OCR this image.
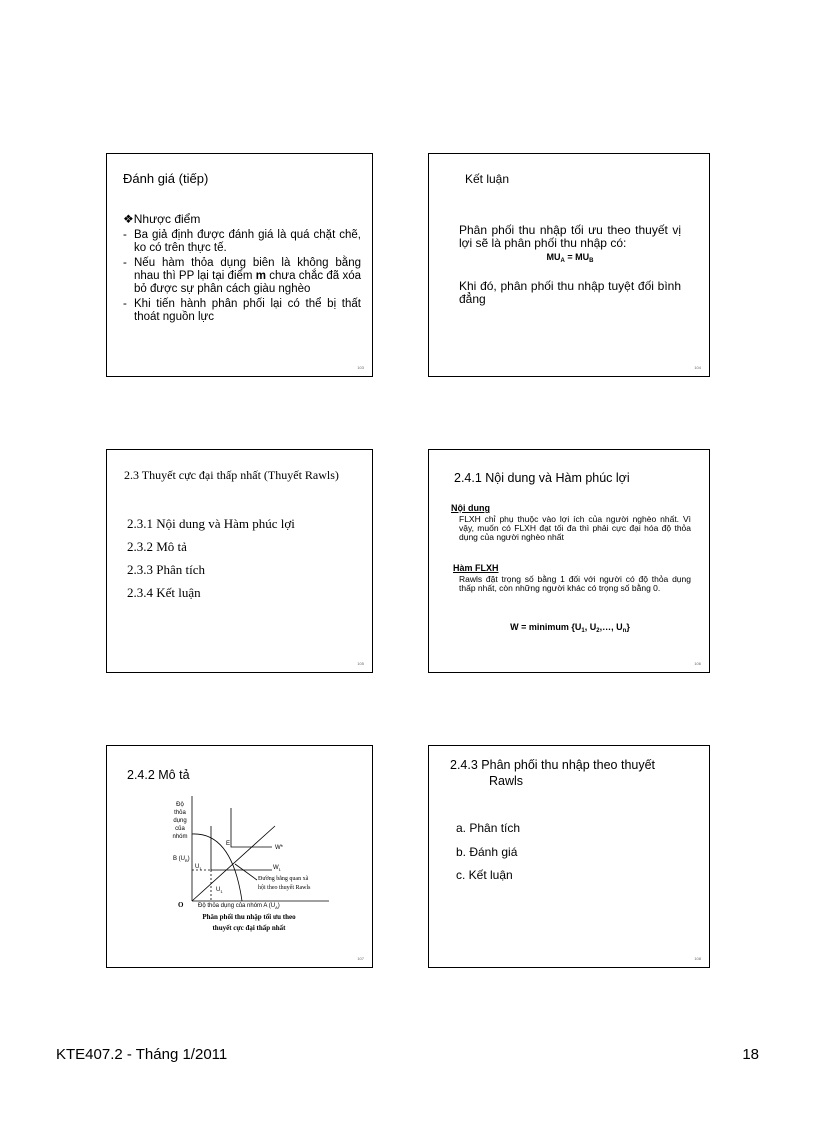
Đánh giá (tiếp)
❖Nhược điểm
- Ba giả định được đánh giá là quá chặt chẽ, ko có trên thực tế.
- Nếu hàm thỏa dụng biên là không bằng nhau thì PP lại tại điểm m chưa chắc đã xóa bỏ được sự phân cách giàu nghèo
- Khi tiến hành phân phối lại có thể bị thất thoát nguồn lực
103
Kết luận
Phân phối thu nhập tối ưu theo thuyết vị lợi sẽ là phân phối thu nhập có:
$MU_A = MU_B$
Khi đó, phân phối thu nhập tuyệt đối bình đẳng
104
2.3 Thuyết cực đại thấp nhất (Thuyết Rawls)
2.3.1 Nội dung và Hàm phúc lợi
2.3.2 Mô tả
2.3.3 Phân tích
2.3.4 Kết luận
105
2.4.1 Nội dung và Hàm phúc lợi
Nội dung
FLXH chỉ phụ thuộc vào lợi ích của người nghèo nhất. Vì vậy, muốn có FLXH đạt tối đa thì phải cực đại hóa độ thỏa dụng của người nghèo nhất
Hàm FLXH
Rawls đặt trọng số bằng 1 đối với người có độ thỏa dụng thấp nhất, còn những người khác có trọng số bằng 0.
W = minimum {$U_1$, $U_2,\dots$, $U_n$}
106
2.4.2 Mô tả
Độ
thỏa
dụng
của
nhóm
B $(U_B)$
E
W*
$W_1$
$U_1$
$U_1$
Đường bằng quan xã
hội theo thuyết Rawls
O Độ thỏa dụng của nhóm A $(U_A)$
Phân phối thu nhập tối ưu theo
thuyết cực đại thấp nhất
107
2.4.3 Phân phối thu nhập theo thuyết
Rawls
a. Phân tích
b. Đánh giá
c. Kết luận
108
KTE407.2 - Tháng 1/2011	18
